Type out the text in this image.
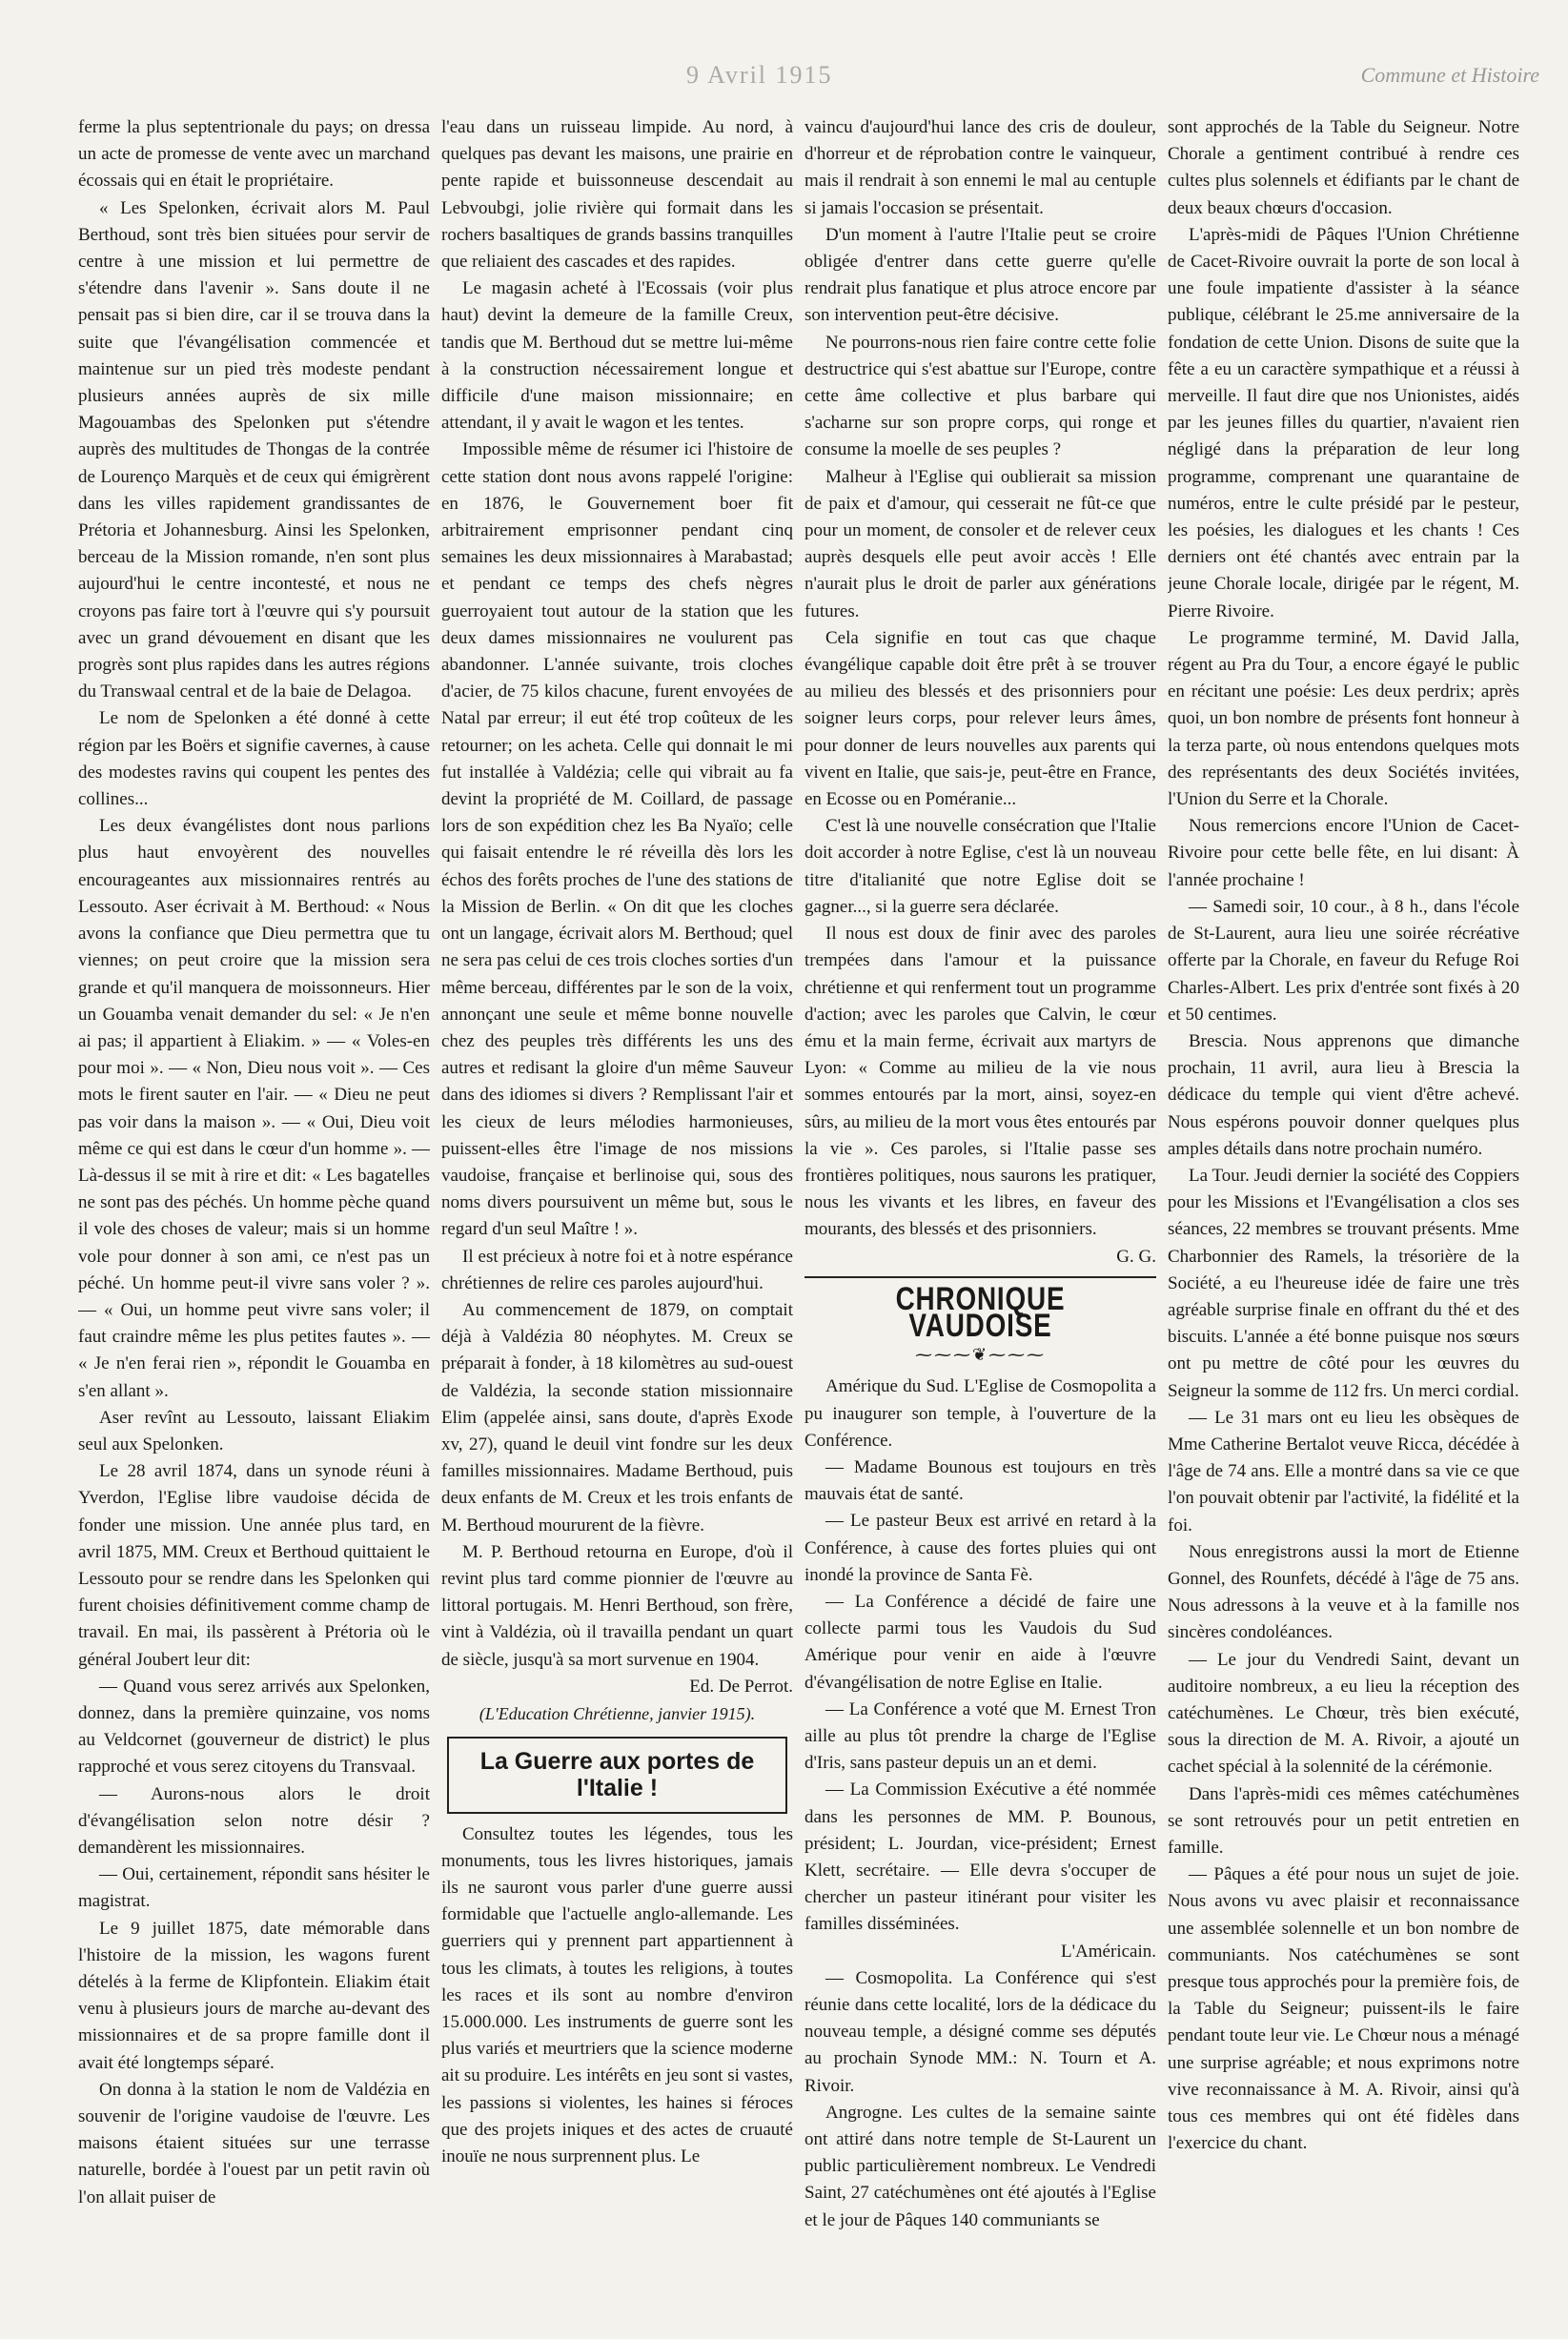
9 Avril 1915	Commune et Histoire

ferme la plus septentrionale du pays; on dressa un acte de promesse de vente avec un marchand écossais qui en était le propriétaire.

« Les Spelonken, écrivait alors M. Paul Berthoud, sont très bien situées pour servir de centre à une mission et lui permettre de s'étendre dans l'avenir ». Sans doute il ne pensait pas si bien dire, car il se trouva dans la suite que l'évangélisation commencée et maintenue sur un pied très modeste pendant plusieurs années auprès de six mille Magouambas des Spelonken put s'étendre auprès des multitudes de Thongas de la contrée de Lourenço Marquès et de ceux qui émigrèrent dans les villes rapidement grandissantes de Prétoria et Johannesburg. Ainsi les Spelonken, berceau de la Mission romande, n'en sont plus aujourd'hui le centre incontesté, et nous ne croyons pas faire tort à l'œuvre qui s'y poursuit avec un grand dévouement en disant que les progrès sont plus rapides dans les autres régions du Transwaal central et de la baie de Delagoa.

Le nom de Spelonken a été donné à cette région par les Boërs et signifie cavernes, à cause des modestes ravins qui coupent les pentes des collines...

Les deux évangélistes dont nous parlions plus haut envoyèrent des nouvelles encourageantes aux missionnaires rentrés au Lessouto. Aser écrivait à M. Berthoud: « Nous avons la confiance que Dieu permettra que tu viennes; on peut croire que la mission sera grande et qu'il manquera de moissonneurs. Hier un Gouamba venait demander du sel: « Je n'en ai pas; il appartient à Eliakim. » — « Voles-en pour moi ». — « Non, Dieu nous voit ». — Ces mots le firent sauter en l'air. — « Dieu ne peut pas voir dans la maison ». — « Oui, Dieu voit même ce qui est dans le cœur d'un homme ». — Là-dessus il se mit à rire et dit: « Les bagatelles ne sont pas des péchés. Un homme pèche quand il vole des choses de valeur; mais si un homme vole pour donner à son ami, ce n'est pas un péché. Un homme peut-il vivre sans voler ? ». — « Oui, un homme peut vivre sans voler; il faut craindre même les plus petites fautes ». — « Je n'en ferai rien », répondit le Gouamba en s'en allant ».

Aser revînt au Lessouto, laissant Eliakim seul aux Spelonken.

Le 28 avril 1874, dans un synode réuni à Yverdon, l'Eglise libre vaudoise décida de fonder une mission. Une année plus tard, en avril 1875, MM. Creux et Berthoud quittaient le Lessouto pour se rendre dans les Spelonken qui furent choisies définitivement comme champ de travail. En mai, ils passèrent à Prétoria où le général Joubert leur dit:

— Quand vous serez arrivés aux Spelonken, donnez, dans la première quinzaine, vos noms au Veldcornet (gouverneur de district) le plus rapproché et vous serez citoyens du Transvaal.

— Aurons-nous alors le droit d'évangélisation selon notre désir ? demandèrent les missionnaires.

— Oui, certainement, répondit sans hésiter le magistrat.

Le 9 juillet 1875, date mémorable dans l'histoire de la mission, les wagons furent dételés à la ferme de Klipfontein. Eliakim était venu à plusieurs jours de marche au-devant des missionnaires et de sa propre famille dont il avait été longtemps séparé.

On donna à la station le nom de Valdézia en souvenir de l'origine vaudoise de l'œuvre. Les maisons étaient situées sur une terrasse naturelle, bordée à l'ouest par un petit ravin où l'on allait puiser de

l'eau dans un ruisseau limpide. Au nord, à quelques pas devant les maisons, une prairie en pente rapide et buissonneuse descendait au Lebvoubgi, jolie rivière qui formait dans les rochers basaltiques de grands bassins tranquilles que reliaient des cascades et des rapides.

Le magasin acheté à l'Ecossais (voir plus haut) devint la demeure de la famille Creux, tandis que M. Berthoud dut se mettre lui-même à la construction nécessairement longue et difficile d'une maison missionnaire; en attendant, il y avait le wagon et les tentes.

Impossible même de résumer ici l'histoire de cette station dont nous avons rappelé l'origine: en 1876, le Gouvernement boer fit arbitrairement emprisonner pendant cinq semaines les deux missionnaires à Marabastad; et pendant ce temps des chefs nègres guerroyaient tout autour de la station que les deux dames missionnaires ne voulurent pas abandonner. L'année suivante, trois cloches d'acier, de 75 kilos chacune, furent envoyées de Natal par erreur; il eut été trop coûteux de les retourner; on les acheta. Celle qui donnait le mi fut installée à Valdézia; celle qui vibrait au fa devint la propriété de M. Coillard, de passage lors de son expédition chez les Ba Nyaïo; celle qui faisait entendre le ré réveilla dès lors les échos des forêts proches de l'une des stations de la Mission de Berlin. « On dit que les cloches ont un langage, écrivait alors M. Berthoud; quel ne sera pas celui de ces trois cloches sorties d'un même berceau, différentes par le son de la voix, annonçant une seule et même bonne nouvelle chez des peuples très différents les uns des autres et redisant la gloire d'un même Sauveur dans des idiomes si divers ? Remplissant l'air et les cieux de leurs mélodies harmonieuses, puissent-elles être l'image de nos missions vaudoise, française et berlinoise qui, sous des noms divers poursuivent un même but, sous le regard d'un seul Maître ! ».

Il est précieux à notre foi et à notre espérance chrétiennes de relire ces paroles aujourd'hui.

Au commencement de 1879, on comptait déjà à Valdézia 80 néophytes. M. Creux se préparait à fonder, à 18 kilomètres au sud-ouest de Valdézia, la seconde station missionnaire Elim (appelée ainsi, sans doute, d'après Exode xv, 27), quand le deuil vint fondre sur les deux familles missionnaires. Madame Berthoud, puis deux enfants de M. Creux et les trois enfants de M. Berthoud moururent de la fièvre.

M. P. Berthoud retourna en Europe, d'où il revint plus tard comme pionnier de l'œuvre au littoral portugais. M. Henri Berthoud, son frère, vint à Valdézia, où il travailla pendant un quart de siècle, jusqu'à sa mort survenue en 1904.

Ed. De Perrot.

(L'Education Chrétienne, janvier 1915).

La Guerre aux portes de l'Italie !

Consultez toutes les légendes, tous les monuments, tous les livres historiques, jamais ils ne sauront vous parler d'une guerre aussi formidable que l'actuelle anglo-allemande. Les guerriers qui y prennent part appartiennent à tous les climats, à toutes les religions, à toutes les races et ils sont au nombre d'environ 15.000.000. Les instruments de guerre sont les plus variés et meurtriers que la science moderne ait su produire. Les intérêts en jeu sont si vastes, les passions si violentes, les haines si féroces que des projets iniques et des actes de cruauté inouïe ne nous surprennent plus. Le

vaincu d'aujourd'hui lance des cris de douleur, d'horreur et de réprobation contre le vainqueur, mais il rendrait à son ennemi le mal au centuple si jamais l'occasion se présentait.

D'un moment à l'autre l'Italie peut se croire obligée d'entrer dans cette guerre qu'elle rendrait plus fanatique et plus atroce encore par son intervention peut-être décisive.

Ne pourrons-nous rien faire contre cette folie destructrice qui s'est abattue sur l'Europe, contre cette âme collective et plus barbare qui s'acharne sur son propre corps, qui ronge et consume la moelle de ses peuples ?

Malheur à l'Eglise qui oublierait sa mission de paix et d'amour, qui cesserait ne fût-ce que pour un moment, de consoler et de relever ceux auprès desquels elle peut avoir accès ! Elle n'aurait plus le droit de parler aux générations futures.

Cela signifie en tout cas que chaque évangélique capable doit être prêt à se trouver au milieu des blessés et des prisonniers pour soigner leurs corps, pour relever leurs âmes, pour donner de leurs nouvelles aux parents qui vivent en Italie, que sais-je, peut-être en France, en Ecosse ou en Poméranie...

C'est là une nouvelle consécration que l'Italie doit accorder à notre Eglise, c'est là un nouveau titre d'italianité que notre Eglise doit se gagner..., si la guerre sera déclarée.

Il nous est doux de finir avec des paroles trempées dans l'amour et la puissance chrétienne et qui renferment tout un programme d'action; avec les paroles que Calvin, le cœur ému et la main ferme, écrivait aux martyrs de Lyon: « Comme au milieu de la vie nous sommes entourés par la mort, ainsi, soyez-en sûrs, au milieu de la mort vous êtes entourés par la vie ». Ces paroles, si l'Italie passe ses frontières politiques, nous saurons les pratiquer, nous les vivants et les libres, en faveur des mourants, des blessés et des prisonniers.

G. G.

CHRONIQUE VAUDOISE
⁓⁓⁓❦⁓⁓⁓

Amérique du Sud. L'Eglise de Cosmopolita a pu inaugurer son temple, à l'ouverture de la Conférence.

— Madame Bounous est toujours en très mauvais état de santé.

— Le pasteur Beux est arrivé en retard à la Conférence, à cause des fortes pluies qui ont inondé la province de Santa Fè.

— La Conférence a décidé de faire une collecte parmi tous les Vaudois du Sud Amérique pour venir en aide à l'œuvre d'évangélisation de notre Eglise en Italie.

— La Conférence a voté que M. Ernest Tron aille au plus tôt prendre la charge de l'Eglise d'Iris, sans pasteur depuis un an et demi.

— La Commission Exécutive a été nommée dans les personnes de MM. P. Bounous, président; L. Jourdan, vice-président; Ernest Klett, secrétaire. — Elle devra s'occuper de chercher un pasteur itinérant pour visiter les familles disséminées.

L'Américain.

— Cosmopolita. La Conférence qui s'est réunie dans cette localité, lors de la dédicace du nouveau temple, a désigné comme ses députés au prochain Synode MM.: N. Tourn et A. Rivoir.

Angrogne. Les cultes de la semaine sainte ont attiré dans notre temple de St-Laurent un public particulièrement nombreux. Le Vendredi Saint, 27 catéchumènes ont été ajoutés à l'Eglise et le jour de Pâques 140 communiants se

sont approchés de la Table du Seigneur. Notre Chorale a gentiment contribué à rendre ces cultes plus solennels et édifiants par le chant de deux beaux chœurs d'occasion.

L'après-midi de Pâques l'Union Chrétienne de Cacet-Rivoire ouvrait la porte de son local à une foule impatiente d'assister à la séance publique, célébrant le 25.me anniversaire de la fondation de cette Union. Disons de suite que la fête a eu un caractère sympathique et a réussi à merveille. Il faut dire que nos Unionistes, aidés par les jeunes filles du quartier, n'avaient rien négligé dans la préparation de leur long programme, comprenant une quarantaine de numéros, entre le culte présidé par le pesteur, les poésies, les dialogues et les chants ! Ces derniers ont été chantés avec entrain par la jeune Chorale locale, dirigée par le régent, M. Pierre Rivoire.

Le programme terminé, M. David Jalla, régent au Pra du Tour, a encore égayé le public en récitant une poésie: Les deux perdrix; après quoi, un bon nombre de présents font honneur à la terza parte, où nous entendons quelques mots des représentants des deux Sociétés invitées, l'Union du Serre et la Chorale.

Nous remercions encore l'Union de Cacet-Rivoire pour cette belle fête, en lui disant: À l'année prochaine !

— Samedi soir, 10 cour., à 8 h., dans l'école de St-Laurent, aura lieu une soirée récréative offerte par la Chorale, en faveur du Refuge Roi Charles-Albert. Les prix d'entrée sont fixés à 20 et 50 centimes.

Brescia. Nous apprenons que dimanche prochain, 11 avril, aura lieu à Brescia la dédicace du temple qui vient d'être achevé. Nous espérons pouvoir donner quelques plus amples détails dans notre prochain numéro.

La Tour. Jeudi dernier la société des Coppiers pour les Missions et l'Evangélisation a clos ses séances, 22 membres se trouvant présents. Mme Charbonnier des Ramels, la trésorière de la Société, a eu l'heureuse idée de faire une très agréable surprise finale en offrant du thé et des biscuits. L'année a été bonne puisque nos sœurs ont pu mettre de côté pour les œuvres du Seigneur la somme de 112 frs. Un merci cordial.

— Le 31 mars ont eu lieu les obsèques de Mme Catherine Bertalot veuve Ricca, décédée à l'âge de 74 ans. Elle a montré dans sa vie ce que l'on pouvait obtenir par l'activité, la fidélité et la foi.

Nous enregistrons aussi la mort de Etienne Gonnel, des Rounfets, décédé à l'âge de 75 ans. Nous adressons à la veuve et à la famille nos sincères condoléances.

— Le jour du Vendredi Saint, devant un auditoire nombreux, a eu lieu la réception des catéchumènes. Le Chœur, très bien exécuté, sous la direction de M. A. Rivoir, a ajouté un cachet spécial à la solennité de la cérémonie.

Dans l'après-midi ces mêmes catéchumènes se sont retrouvés pour un petit entretien en famille.

— Pâques a été pour nous un sujet de joie. Nous avons vu avec plaisir et reconnaissance une assemblée solennelle et un bon nombre de communiants. Nos catéchumènes se sont presque tous approchés pour la première fois, de la Table du Seigneur; puissent-ils le faire pendant toute leur vie. Le Chœur nous a ménagé une surprise agréable; et nous exprimons notre vive reconnaissance à M. A. Rivoir, ainsi qu'à tous ces membres qui ont été fidèles dans l'exercice du chant.
